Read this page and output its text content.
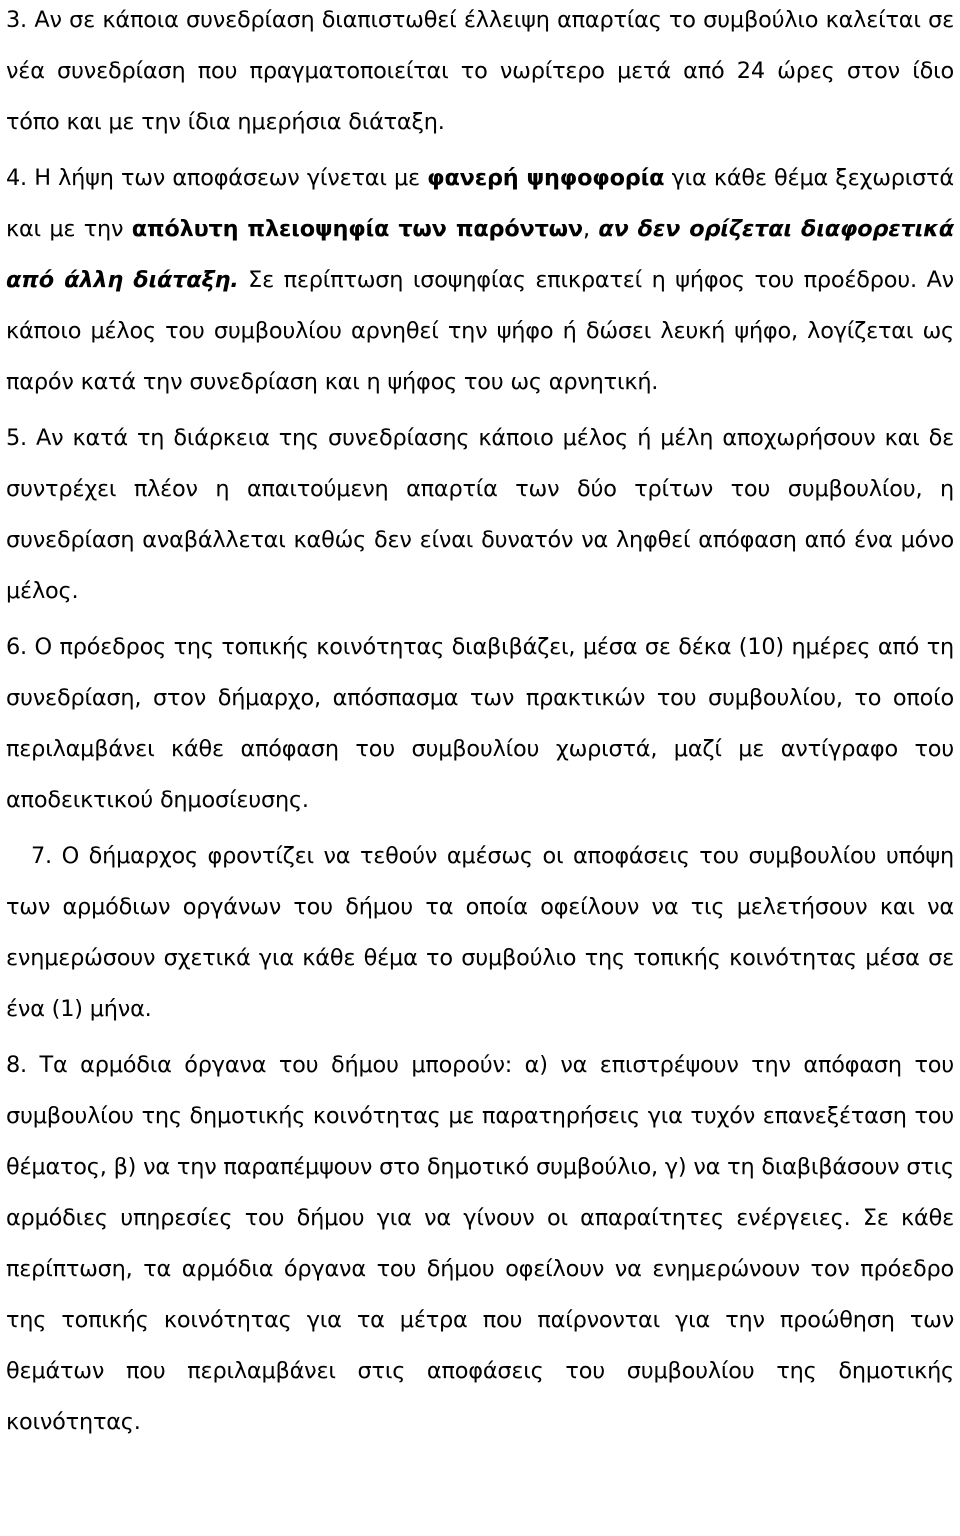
3. Αν σε κάποια συνεδρίαση διαπιστωθεί έλλειψη απαρτίας το συμβούλιο καλείται σε νέα συνεδρίαση που πραγματοποιείται το νωρίτερο μετά από 24 ώρες στον ίδιο τόπο και με την ίδια ημερήσια διάταξη.

4. Η λήψη των αποφάσεων γίνεται με φανερή ψηφοφορία για κάθε θέμα ξεχωριστά και με την απόλυτη πλειοψηφία των παρόντων, αν δεν ορίζεται διαφορετικά από άλλη διάταξη. Σε περίπτωση ισοψηφίας επικρατεί η ψήφος του προέδρου. Αν κάποιο μέλος του συμβουλίου αρνηθεί την ψήφο ή δώσει λευκή ψήφο, λογίζεται ως παρόν κατά την συνεδρίαση και η ψήφος του ως αρνητική.

5. Αν κατά τη διάρκεια της συνεδρίασης κάποιο μέλος ή μέλη αποχωρήσουν και δε συντρέχει πλέον η απαιτούμενη απαρτία των δύο τρίτων του συμβουλίου, η συνεδρίαση αναβάλλεται καθώς δεν είναι δυνατόν να ληφθεί απόφαση από ένα μόνο μέλος.

6. Ο πρόεδρος της τοπικής κοινότητας διαβιβάζει, μέσα σε δέκα (10) ημέρες από τη συνεδρίαση, στον δήμαρχο, απόσπασμα των πρακτικών του συμβουλίου, το οποίο περιλαμβάνει κάθε απόφαση του συμβουλίου χωριστά, μαζί με αντίγραφο του αποδεικτικού δημοσίευσης.

7. Ο δήμαρχος φροντίζει να τεθούν αμέσως οι αποφάσεις του συμβουλίου υπόψη των αρμόδιων οργάνων του δήμου τα οποία οφείλουν να τις μελετήσουν και να ενημερώσουν σχετικά για κάθε θέμα το συμβούλιο της τοπικής κοινότητας μέσα σε ένα (1) μήνα.

8. Τα αρμόδια όργανα του δήμου μπορούν: α) να επιστρέψουν την απόφαση του συμβουλίου της δημοτικής κοινότητας με παρατηρήσεις για τυχόν επανεξέταση του θέματος, β) να την παραπέμψουν στο δημοτικό συμβούλιο, γ) να τη διαβιβάσουν στις αρμόδιες υπηρεσίες του δήμου για να γίνουν οι απαραίτητες ενέργειες. Σε κάθε περίπτωση, τα αρμόδια όργανα του δήμου οφείλουν να ενημερώνουν τον πρόεδρο της τοπικής κοινότητας για τα μέτρα που παίρνονται για την προώθηση των θεμάτων που περιλαμβάνει στις αποφάσεις του συμβουλίου της δημοτικής κοινότητας.
